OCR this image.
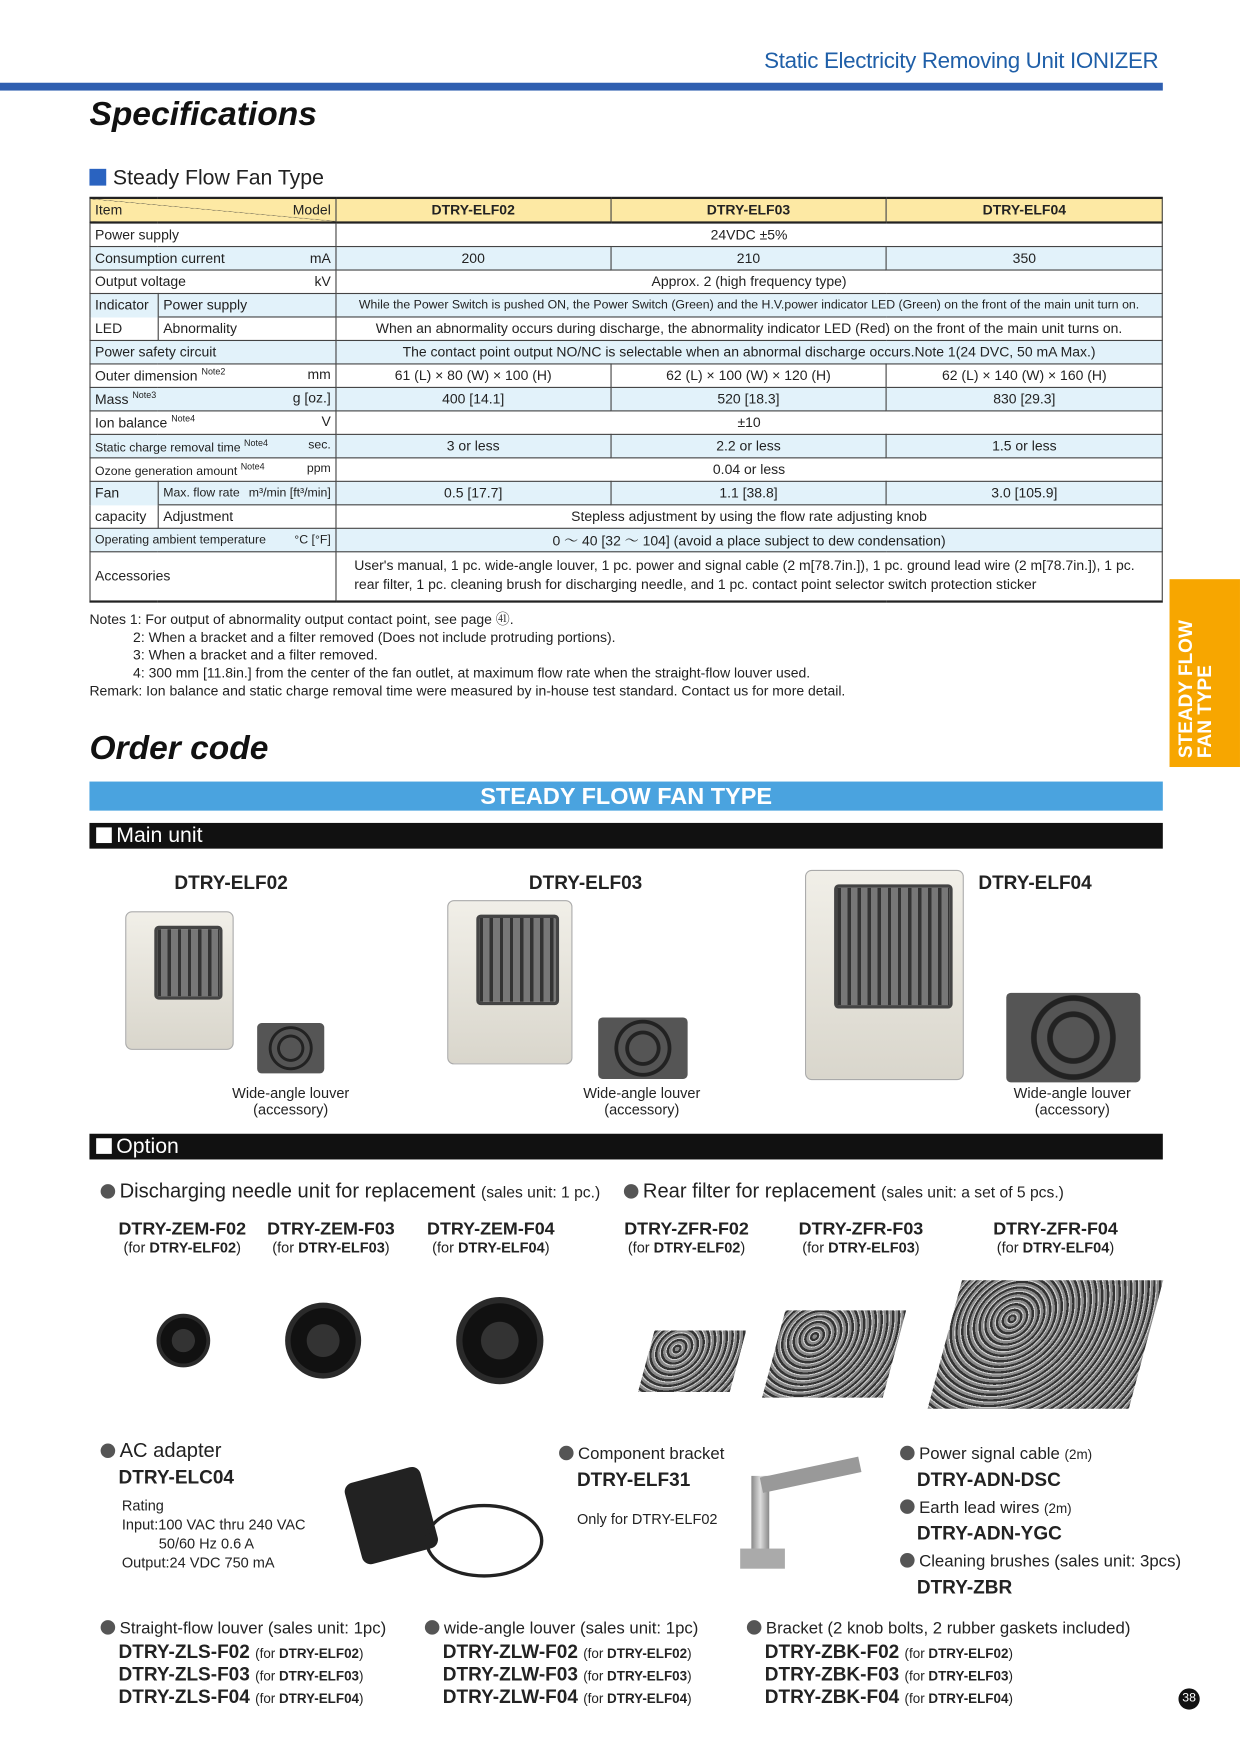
Static Electricity Removing Unit IONIZER
Specifications
Steady Flow Fan Type
Item Model		DTRY-ELF02	DTRY-ELF03	DTRY-ELF04
Power supply		24VDC ±5%		
Consumption current mA		200	210	350
Output voltage kV		Approx. 2 (high frequency type)		
Indicator	Power supply	While the Power Switch is pushed ON, the Power Switch (Green) and the H.V.power indicator LED (Green) on the front of the main unit turn on.		
LED	Abnormality	When an abnormality occurs during discharge, the abnormality indicator LED (Red) on the front of the main unit turns on.		
Power safety circuit		The contact point output NO/NC is selectable when an abnormal discharge occurs.Note 1(24 DVC, 50 mA Max.)		
Outer dimension $^{Note2}$ mm		61 (L) × 80 (W) × 100 (H)	62 (L) × 100 (W) × 120 (H)	62 (L) × 140 (W) × 160 (H)
Mass $^{Note3}$ g [oz.]		400 [14.1]	520 [18.3]	830 [29.3]
Ion balance $^{Note4}$ V		±10		
Static charge removal time $^{Note4}$ sec.		3 or less	2.2 or less	1.5 or less
Ozone generation amount $^{Note4}$ ppm		0.04 or less		
Fan	Max. flow rate m³/min [ft³/min]	0.5 [17.7]	1.1 [38.8]	3.0 [105.9]
capacity	Adjustment	Stepless adjustment by using the flow rate adjusting knob		
Operating ambient temperature °C [°F]		0 ～ 40 [32 ～ 104] (avoid a place subject to dew condensation)		
Accessories		User's manual, 1 pc. wide-angle louver, 1 pc. power and signal cable (2 m[78.7in.]), 1 pc. ground lead wire (2 m[78.7in.]), 1 pc. rear filter, 1 pc. cleaning brush for discharging needle, and 1 pc. contact point selector switch protection sticker		
Notes 1: For output of abnormality output contact point, see page ㊶.
2: When a bracket and a filter removed (Does not include protruding portions).
3: When a bracket and a filter removed.
4: 300 mm [11.8in.] from the center of the fan outlet, at maximum flow rate when the straight-flow louver used.
Remark: Ion balance and static charge removal time were measured by in-house test standard. Contact us for more detail.	STEADY FLOW FAN TYPE
Order code
STEADY FLOW FAN TYPE
Main unit
DTRY-ELF02
Wide-angle louver
(accessory)
DTRY-ELF03
Wide-angle louver
(accessory)
DTRY-ELF04
Wide-angle louver
(accessory)
Option
Discharging needle unit for replacement (sales unit: 1 pc.)	Rear filter for replacement (sales unit: a set of 5 pcs.)
DTRY-ZEM-F02
(for DTRY-ELF02)
DTRY-ZEM-F03
(for DTRY-ELF03)
DTRY-ZEM-F04
(for DTRY-ELF04)
DTRY-ZFR-F02
(for DTRY-ELF02)
DTRY-ZFR-F03
(for DTRY-ELF03)
DTRY-ZFR-F04
(for DTRY-ELF04)
Straight-flow louver (sales unit: 1pc)
DTRY-ZLS-F02 (for DTRY-ELF02)
DTRY-ZLS-F03 (for DTRY-ELF03)
DTRY-ZLS-F04 (for DTRY-ELF04)
wide-angle louver (sales unit: 1pc)
DTRY-ZLW-F02 (for DTRY-ELF02)
DTRY-ZLW-F03 (for DTRY-ELF03)
DTRY-ZLW-F04 (for DTRY-ELF04)
Bracket (2 knob bolts, 2 rubber gaskets included)
DTRY-ZBK-F02 (for DTRY-ELF02)
DTRY-ZBK-F03 (for DTRY-ELF03)
DTRY-ZBK-F04 (for DTRY-ELF04)
AC adapter
DTRY-ELC04
Rating
Input:100 VAC thru 240 VAC
50/60 Hz 0.6 A
Output:24 VDC 750 mA
Component bracket
DTRY-ELF31
Only for DTRY-ELF02
Power signal cable (2m)
DTRY-ADN-DSC
Earth lead wires (2m)
DTRY-ADN-YGC
Cleaning brushes (sales unit: 3pcs)
DTRY-ZBR
38
